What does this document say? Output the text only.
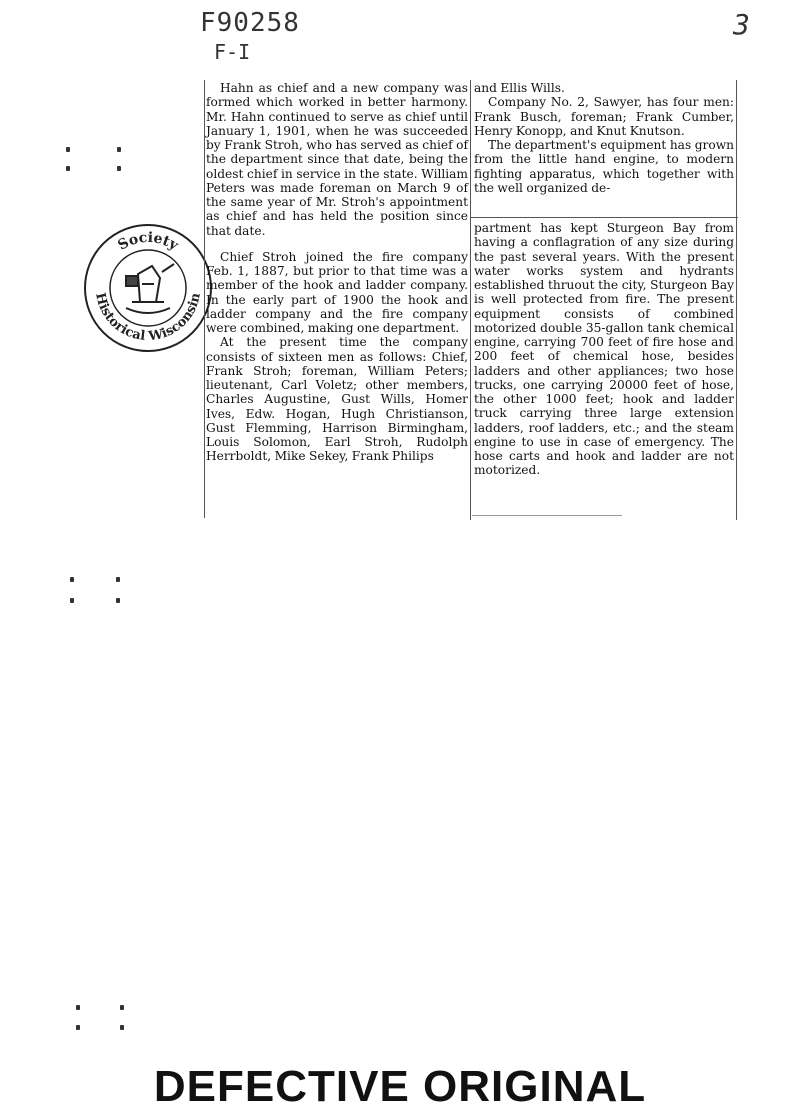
F90258
F-I
3
Society
Historical Wisconsin

Hahn as chief and a new company was formed which worked in better harmony. Mr. Hahn continued to serve as chief until January 1, 1901, when he was succeeded by Frank Stroh, who has served as chief of the department since that date, being the oldest chief in service in the state. William Peters was made foreman on March 9 of the same year of Mr. Stroh's appointment as chief and has held the position since that date.

Chief Stroh joined the fire company Feb. 1, 1887, but prior to that time was a member of the hook and ladder company. In the early part of 1900 the hook and ladder company and the fire company were combined, making one department.

At the present time the company consists of sixteen men as follows: Chief, Frank Stroh; foreman, William Peters; lieutenant, Carl Voletz; other members, Charles Augustine, Gust Wills, Homer Ives, Edw. Hogan, Hugh Christianson, Gust Flemming, Harrison Birmingham, Louis Solomon, Earl Stroh, Rudolph Herrboldt, Mike Sekey, Frank Philips

and Ellis Wills.

Company No. 2, Sawyer, has four men: Frank Busch, foreman; Frank Cumber, Henry Konopp, and Knut Knutson.

The department's equipment has grown from the little hand engine, to modern fighting apparatus, which together with the well organized de-

partment has kept Sturgeon Bay from having a conflagration of any size during the past several years. With the present water works system and hydrants established thruout the city, Sturgeon Bay is well protected from fire. The present equipment consists of combined motorized double 35-gallon tank chemical engine, carrying 700 feet of fire hose and 200 feet of chemical hose, besides ladders and other appliances; two hose trucks, one carrying 20000 feet of hose, the other 1000 feet; hook and ladder truck carrying three large extension ladders, roof ladders, etc.; and the steam engine to use in case of emergency. The hose carts and hook and ladder are not motorized.

DEFECTIVE ORIGINAL
